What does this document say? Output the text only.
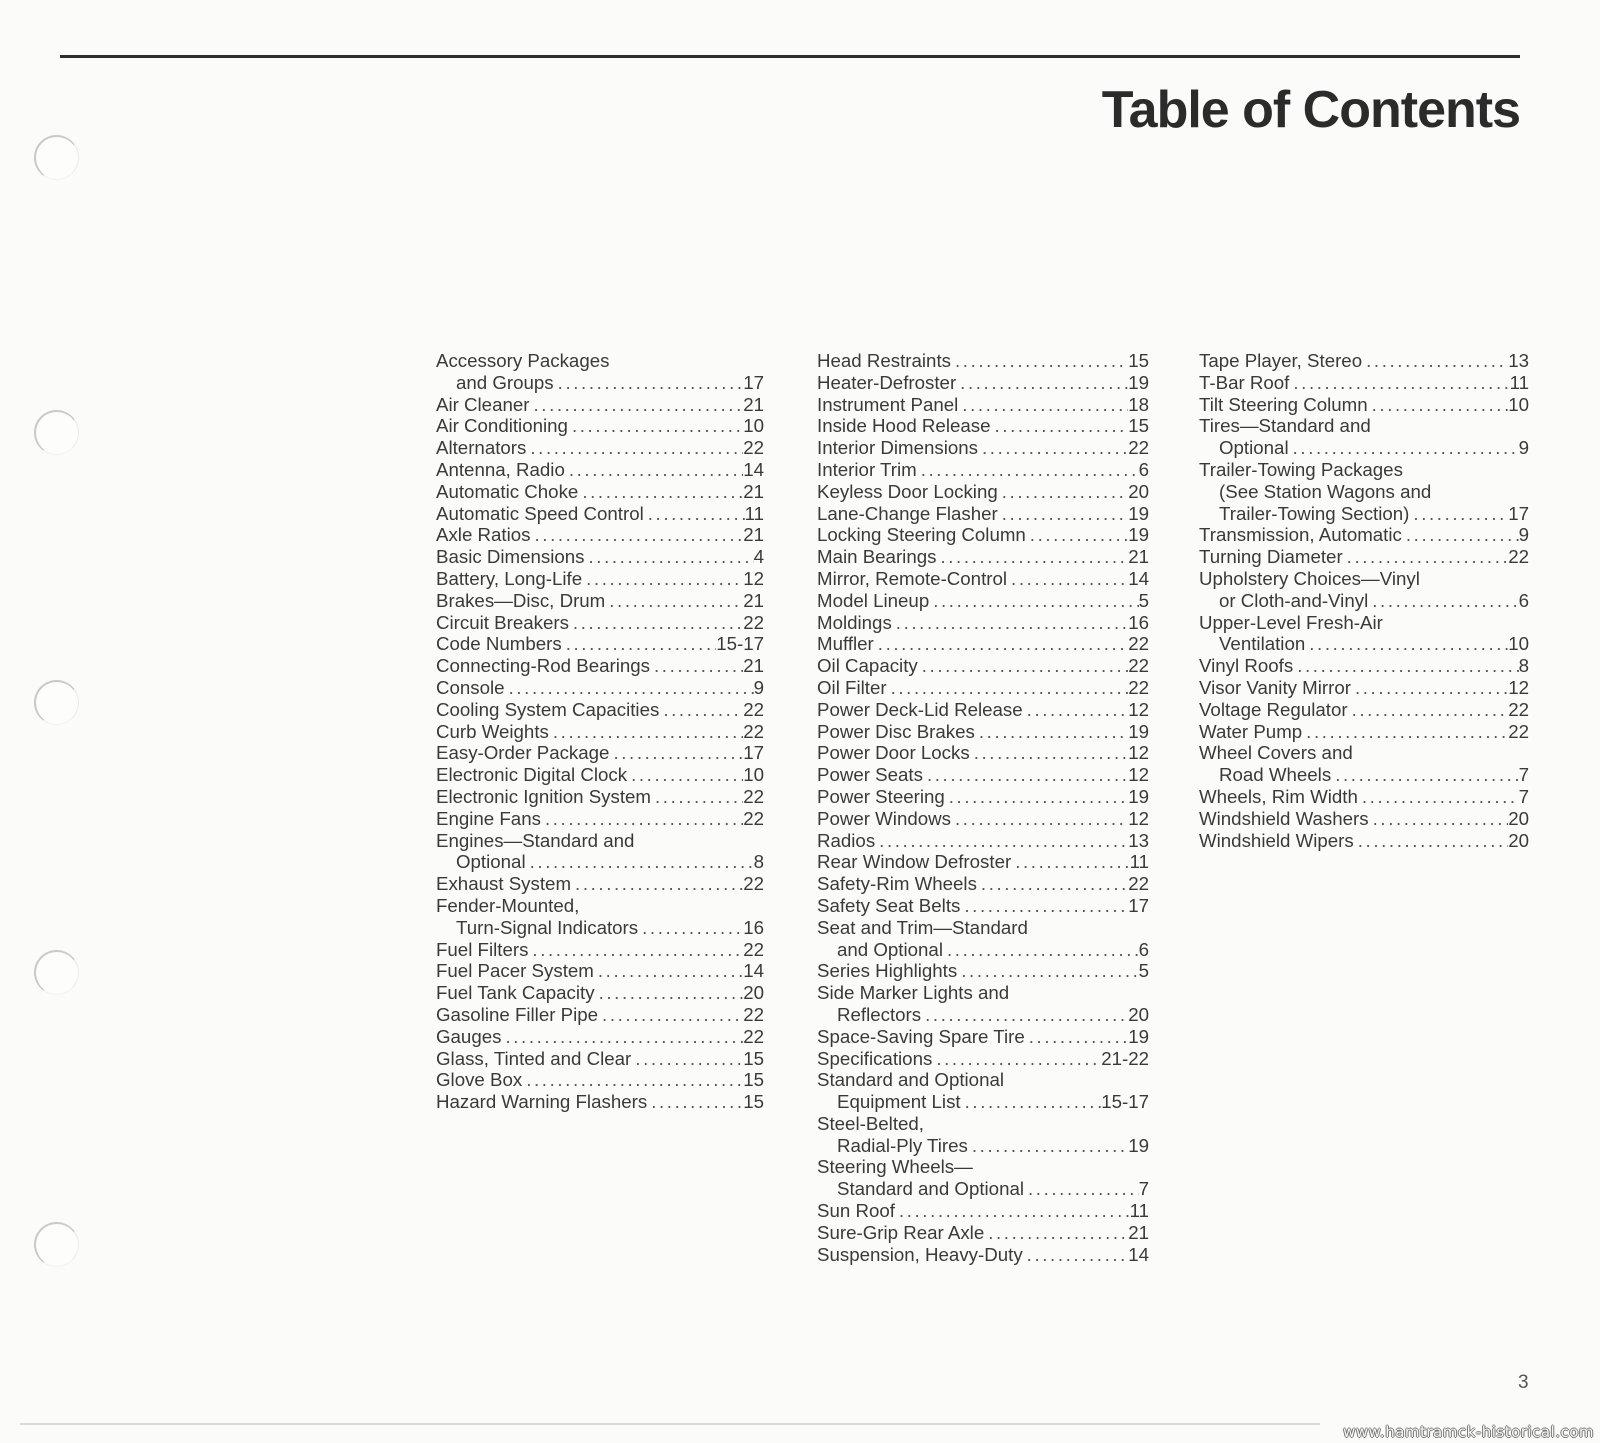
Table of Contents
Accessory Packages
and Groups .....	17
Air Cleaner .....	21
Air Conditioning .....	10
Alternators .....	22
Antenna, Radio .....	14
Automatic Choke .....	21
Automatic Speed Control .....	11
Axle Ratios .....	21
Basic Dimensions .....	4
Battery, Long-Life .....	12
Brakes—Disc, Drum .....	21
Circuit Breakers .....	22
Code Numbers .....	15-17
Connecting-Rod Bearings .....	21
Console .....	9
Cooling System Capacities .....	22
Curb Weights .....	22
Easy-Order Package .....	17
Electronic Digital Clock .....	10
Electronic Ignition System .....	22
Engine Fans .....	22
Engines—Standard and
Optional .....	8
Exhaust System .....	22
Fender-Mounted,
Turn-Signal Indicators .....	16
Fuel Filters .....	22
Fuel Pacer System .....	14
Fuel Tank Capacity .....	20
Gasoline Filler Pipe .....	22
Gauges .....	22
Glass, Tinted and Clear .....	15
Glove Box .....	15
Hazard Warning Flashers .....	15
Head Restraints .....	15
Heater-Defroster .....	19
Instrument Panel .....	18
Inside Hood Release .....	15
Interior Dimensions .....	22
Interior Trim .....	6
Keyless Door Locking .....	20
Lane-Change Flasher .....	19
Locking Steering Column .....	19
Main Bearings .....	21
Mirror, Remote-Control .....	14
Model Lineup .....	5
Moldings .....	16
Muffler .....	22
Oil Capacity .....	22
Oil Filter .....	22
Power Deck-Lid Release .....	12
Power Disc Brakes .....	19
Power Door Locks .....	12
Power Seats .....	12
Power Steering .....	19
Power Windows .....	12
Radios .....	13
Rear Window Defroster .....	11
Safety-Rim Wheels .....	22
Safety Seat Belts .....	17
Seat and Trim—Standard
and Optional .....	6
Series Highlights .....	5
Side Marker Lights and
Reflectors .....	20
Space-Saving Spare Tire .....	19
Specifications .....	21-22
Standard and Optional
Equipment List .....	15-17
Steel-Belted,
Radial-Ply Tires .....	19
Steering Wheels—
Standard and Optional .....	7
Sun Roof .....	11
Sure-Grip Rear Axle .....	21
Suspension, Heavy-Duty .....	14
Tape Player, Stereo .....	13
T-Bar Roof .....	11
Tilt Steering Column .....	10
Tires—Standard and
Optional .....	9
Trailer-Towing Packages
(See Station Wagons and
Trailer-Towing Section) .....	17
Transmission, Automatic .....	9
Turning Diameter .....	22
Upholstery Choices—Vinyl
or Cloth-and-Vinyl .....	6
Upper-Level Fresh-Air
Ventilation .....	10
Vinyl Roofs .....	8
Visor Vanity Mirror .....	12
Voltage Regulator .....	22
Water Pump .....	22
Wheel Covers and
Road Wheels .....	7
Wheels, Rim Width .....	7
Windshield Washers .....	20
Windshield Wipers .....	20
3
www.hamtramck-historical.com
